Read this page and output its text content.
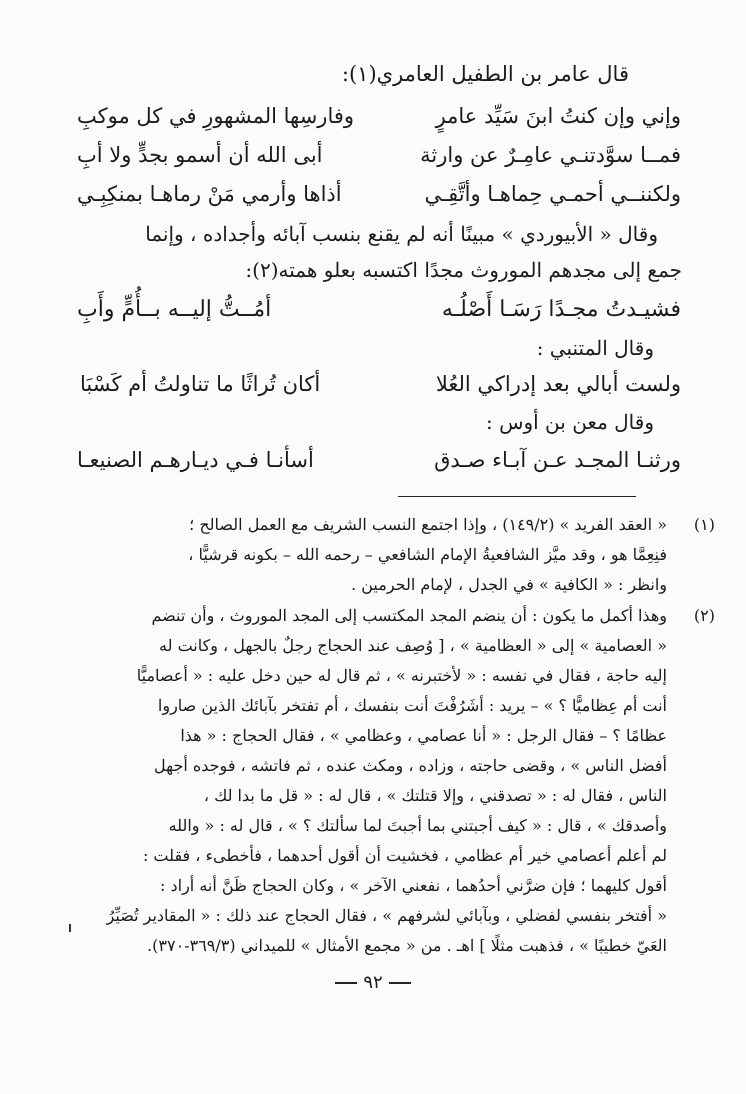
قال عامر بن الطفيل العامري(١):
وإني وإن كنتُ ابنَ سَيِّد عامرٍ
وفارسِها المشهورِ في كل موكبِ
فمــا سوَّدتنـي عامِـرٌ عن وارثة
أبى الله أن أسمو بجدٍّ ولا أبِ
ولكننــي أحمـي حِماهـا وأتَّقِـي
أذاها وأرمي مَنْ رماهـا بمنكِبِـي
وقال « الأبيوردي » مبينًا أنه لم يقنع بنسب آبائه وأجداده ، وإنما
جمع إلى مجدهم الموروث مجدًا اكتسبه بعلو همته(٢):
فشيـدتُ مجـدًا رَسَـا أَصْلُـه
أمُــتُّ إليــه بــأُمٍّ وأَبِ
وقال المتنبي :
ولست أبالي بعد إدراكي العُلا
أكان تُراثًا ما تناولتُ أم كَسْبَا
وقال معن بن أوس :
ورثنـا المجـد عـن آبـاء صـدق
أسأنـا فـي ديـارهـم الصنيعـا
(١)
« العقد الفريد » (١٤٩/٢) ، وإذا اجتمع النسب الشريف مع العمل الصالح ؛
فنِعِمَّا هو ، وقد ميَّز الشافعيةُ الإمام الشافعي – رحمه الله – بكونه قرشيًّا ،
وانظر : « الكافية » في الجدل ، لإمام الحرمين .
(٢)
وهذا أكمل ما يكون : أن ينضم المجد المكتسب إلى المجد الموروث ، وأن تنضم
« العصامية » إلى « العظامية » ، [ وُصِف عند الحجاج رجلٌ بالجهل ، وكانت له
إليه حاجة ، فقال في نفسه : « لأختبرنه » ، ثم قال له حين دخل عليه : « أعصاميًّا
أنت أم عِظاميًّا ؟ » – يريد : أشَرُفْتَ أنت بنفسك ، أم تفتخر بآبائك الذين صاروا
عظامًا ؟ – فقال الرجل : « أنا عصامي ، وعظامي » ، فقال الحجاج : « هذا
أفضل الناس » ، وقضى حاجته ، وزاده ، ومكث عنده ، ثم فاتشه ، فوجده أجهل
الناس ، فقال له : « تصدقني ، وإلا قتلتك » ، قال له : « قل ما بدا لك ،
وأصدقك » ، قال : « كيف أجبتني بما أجبتَ لما سألتك ؟ » ، قال له : « والله
لم أعلم أعصامي خير أم عظامي ، فخشيت أن أقول أحدهما ، فأخطىء ، فقلت :
أقول كليهما ؛ فإن ضرَّني أحدُهما ، نفعني الآخر » ، وكان الحجاج ظَنَّ أنه أراد :
« أفتخر بنفسي لفضلي ، وبآبائي لشرفهم » ، فقال الحجاج عند ذلك : « المقادير تُصَيِّرُ
العَيّ خطيبًا » ، فذهبت مثلًا ] اهـ . من « مجمع الأمثال » للميداني (٣٦٩/٣-٣٧٠).
٩٢
